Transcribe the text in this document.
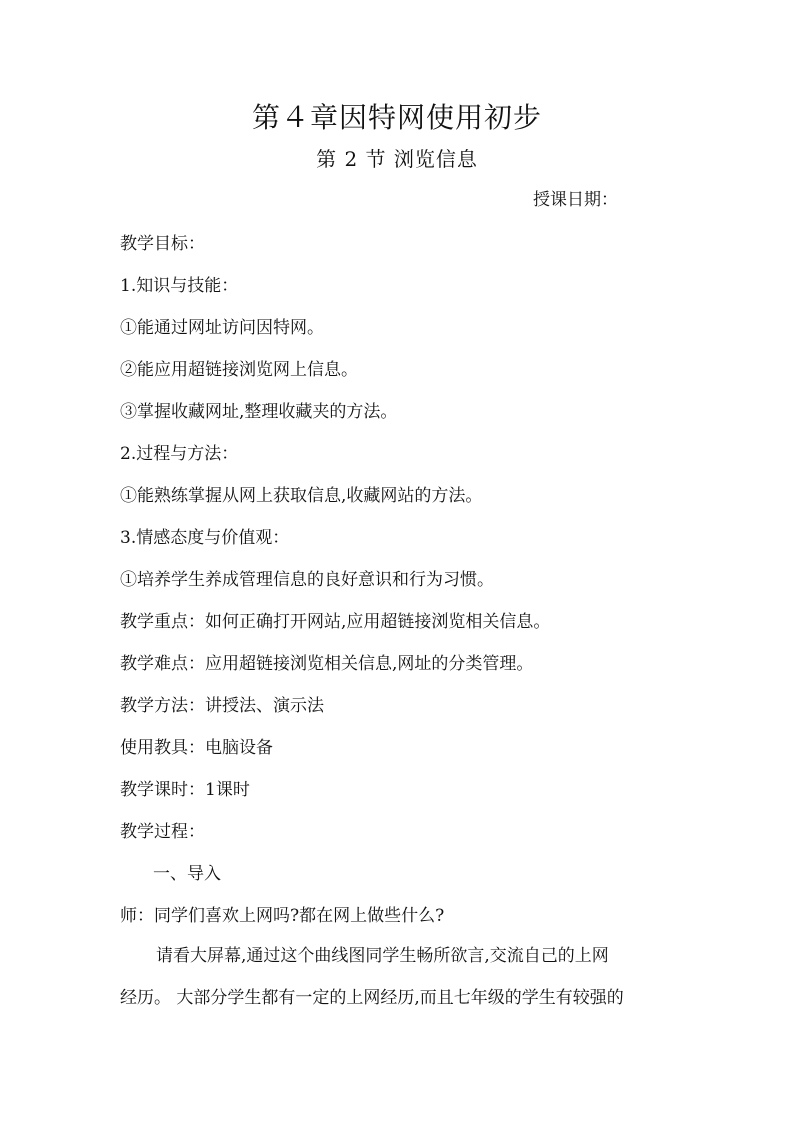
第４章因特网使用初步
第 2 节 浏览信息
授课日期：
教学目标：
1.知识与技能：
①能通过网址访问因特网。
②能应用超链接浏览网上信息。
③掌握收藏网址,整理收藏夹的方法。
2.过程与方法：
①能熟练掌握从网上获取信息,收藏网站的方法。
3.情感态度与价值观：
①培养学生养成管理信息的良好意识和行为习惯。
教学重点：如何正确打开网站,应用超链接浏览相关信息。
教学难点：应用超链接浏览相关信息,网址的分类管理。
教学方法：讲授法、演示法
使用教具：电脑设备
教学课时：1课时
教学过程：
一、导入
师：同学们喜欢上网吗?都在网上做些什么?
请看大屏幕,通过这个曲线图同学生畅所欲言,交流自己的上网
经历。 大部分学生都有一定的上网经历,而且七年级的学生有较强的
